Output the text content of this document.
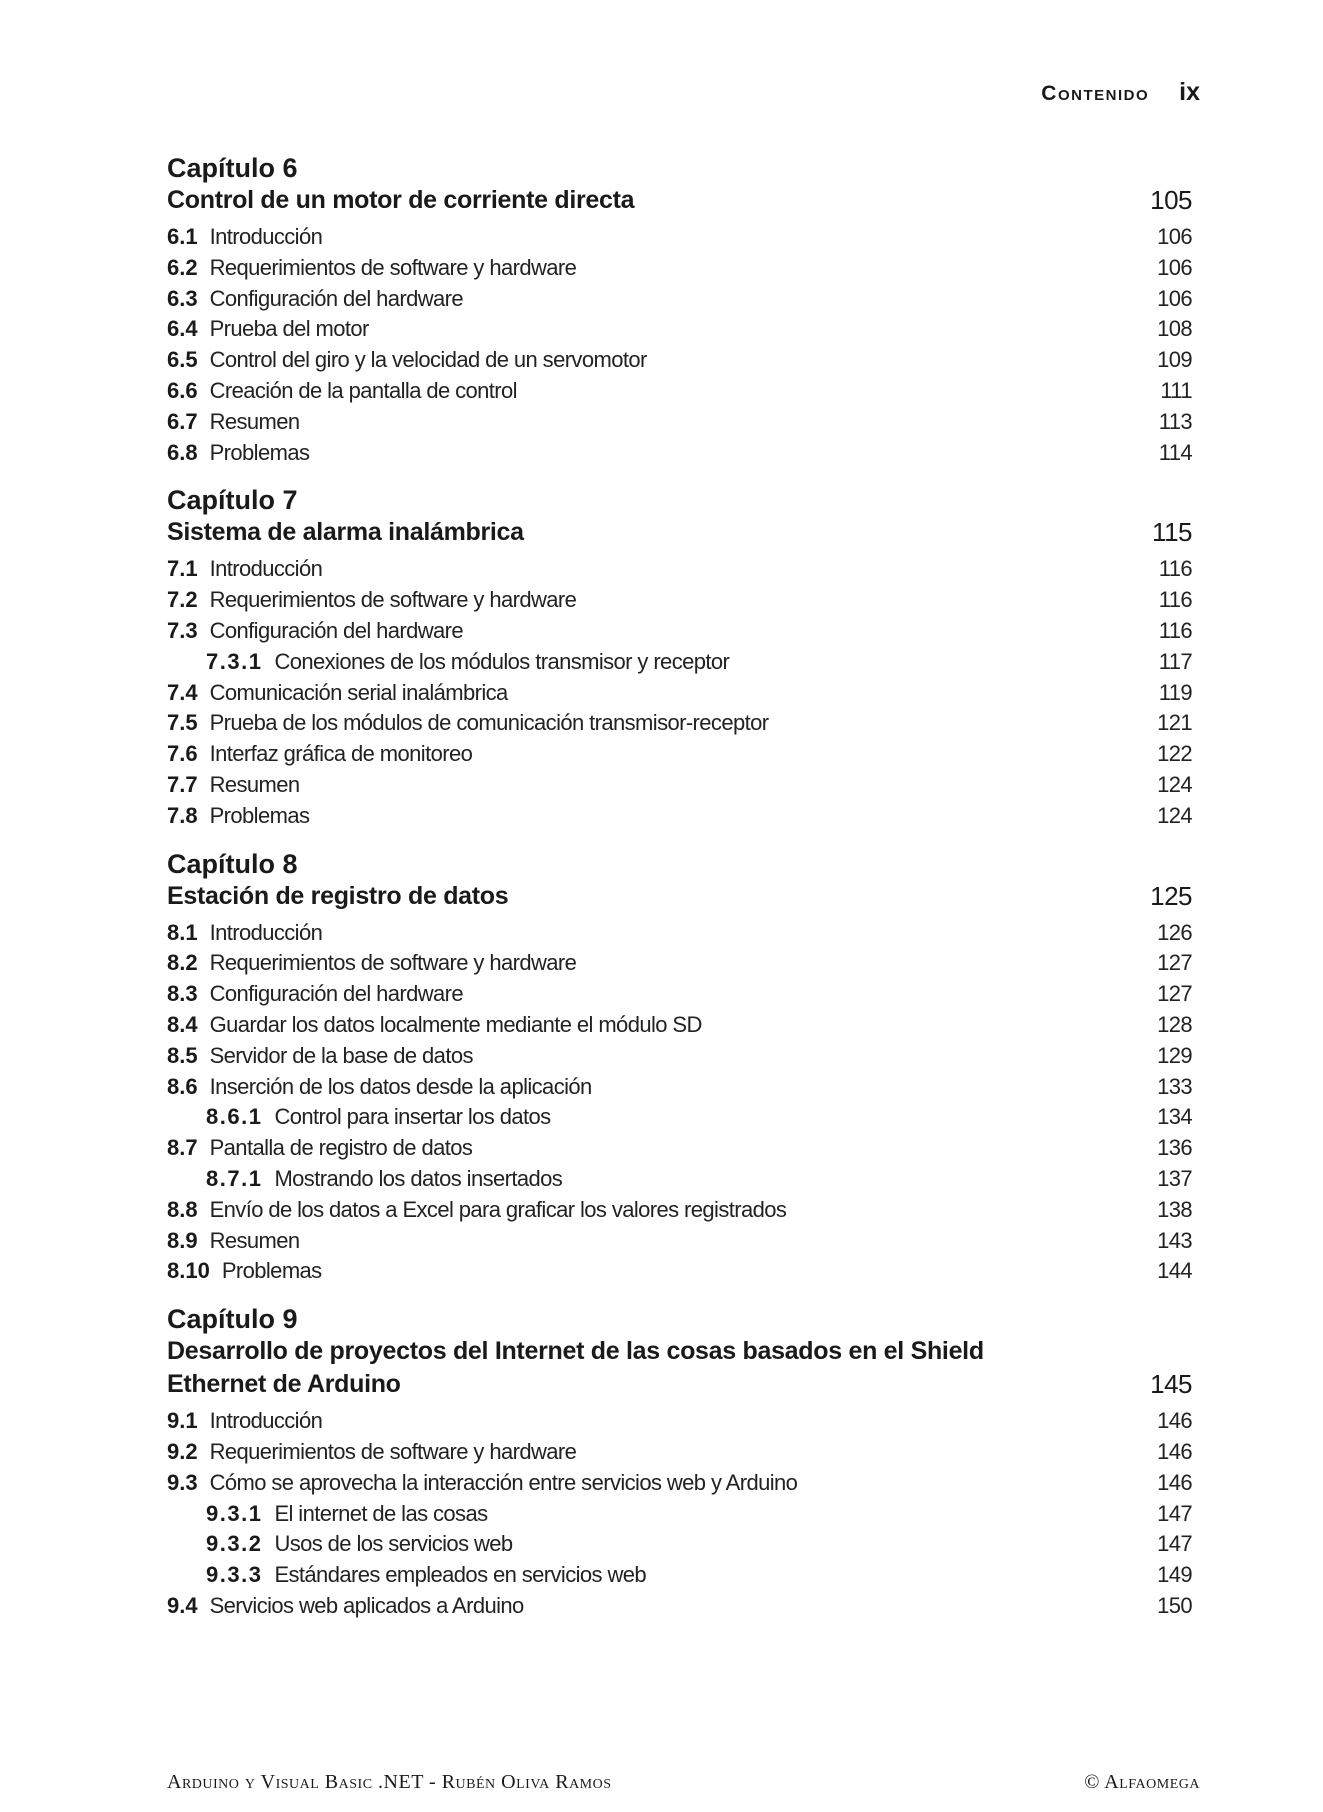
Contenido ix
Capítulo 6
Control de un motor de corriente directa	105
6.1 Introducción	106
6.2 Requerimientos de software y hardware	106
6.3 Configuración del hardware	106
6.4 Prueba del motor	108
6.5 Control del giro y la velocidad de un servomotor	109
6.6 Creación de la pantalla de control	111
6.7 Resumen	113
6.8 Problemas	114
Capítulo 7
Sistema de alarma inalámbrica	115
7.1 Introducción	116
7.2 Requerimientos de software y hardware	116
7.3 Configuración del hardware	116
7.3.1 Conexiones de los módulos transmisor y receptor	117
7.4 Comunicación serial inalámbrica	119
7.5 Prueba de los módulos de comunicación transmisor-receptor	121
7.6 Interfaz gráfica de monitoreo	122
7.7 Resumen	124
7.8 Problemas	124
Capítulo 8
Estación de registro de datos	125
8.1 Introducción	126
8.2 Requerimientos de software y hardware	127
8.3 Configuración del hardware	127
8.4 Guardar los datos localmente mediante el módulo SD	128
8.5 Servidor de la base de datos	129
8.6 Inserción de los datos desde la aplicación	133
8.6.1 Control para insertar los datos	134
8.7 Pantalla de registro de datos	136
8.7.1 Mostrando los datos insertados	137
8.8 Envío de los datos a Excel para graficar los valores registrados	138
8.9 Resumen	143
8.10 Problemas	144
Capítulo 9
Desarrollo de proyectos del Internet de las cosas basados en el Shield Ethernet de Arduino	145
9.1 Introducción	146
9.2 Requerimientos de software y hardware	146
9.3 Cómo se aprovecha la interacción entre servicios web y Arduino	146
9.3.1 El internet de las cosas	147
9.3.2 Usos de los servicios web	147
9.3.3 Estándares empleados en servicios web	149
9.4 Servicios web aplicados a Arduino	150
Arduino y Visual Basic .NET - Rubén Oliva Ramos	© Alfaomega
